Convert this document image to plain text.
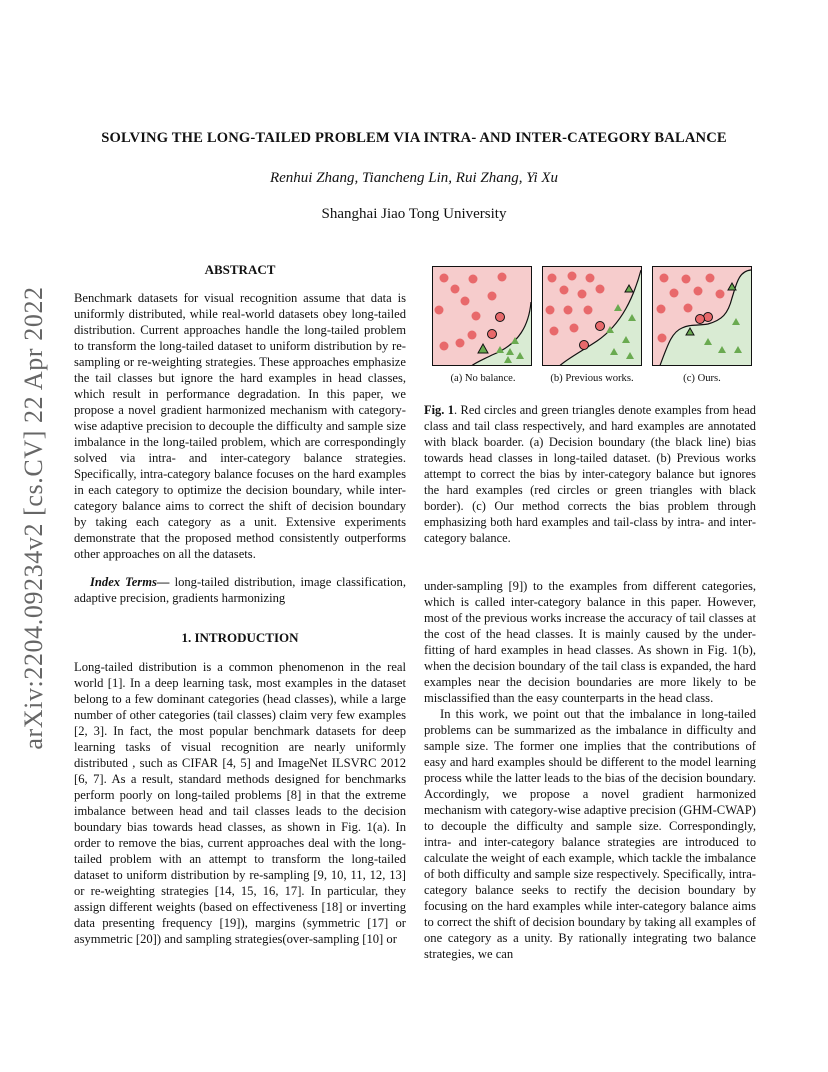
arXiv:2204.09234v2 [cs.CV] 22 Apr 2022
SOLVING THE LONG-TAILED PROBLEM VIA INTRA- AND INTER-CATEGORY BALANCE
Renhui Zhang, Tiancheng Lin, Rui Zhang, Yi Xu
Shanghai Jiao Tong University
ABSTRACT

Benchmark datasets for visual recognition assume that data is uniformly distributed, while real-world datasets obey long-tailed distribution. Current approaches handle the long-tailed problem to transform the long-tailed dataset to uniform distribution by re-sampling or re-weighting strategies. These approaches emphasize the tail classes but ignore the hard examples in head classes, which result in performance degradation. In this paper, we propose a novel gradient harmonized mechanism with category-wise adaptive precision to decouple the difficulty and sample size imbalance in the long-tailed problem, which are correspondingly solved via intra- and inter-category balance strategies. Specifically, intra-category balance focuses on the hard examples in each category to optimize the decision boundary, while inter-category balance aims to correct the shift of decision boundary by taking each category as a unit. Extensive experiments demonstrate that the proposed method consistently outperforms other approaches on all the datasets.

Index Terms— long-tailed distribution, image classification, adaptive precision, gradients harmonizing

1. INTRODUCTION

Long-tailed distribution is a common phenomenon in the real world [1]. In a deep learning task, most examples in the dataset belong to a few dominant categories (head classes), while a large number of other categories (tail classes) claim very few examples [2, 3]. In fact, the most popular benchmark datasets for deep learning tasks of visual recognition are nearly uniformly distributed , such as CIFAR [4, 5] and ImageNet ILSVRC 2012 [6, 7]. As a result, standard methods designed for benchmarks perform poorly on long-tailed problems [8] in that the extreme imbalance between head and tail classes leads to the decision boundary bias towards head classes, as shown in Fig. 1(a). In order to remove the bias, current approaches deal with the long-tailed problem with an attempt to transform the long-tailed dataset to uniform distribution by re-sampling [9, 10, 11, 12, 13] or re-weighting strategies [14, 15, 16, 17]. In particular, they assign different weights (based on effectiveness [18] or inverting data presenting frequency [19]), margins (symmetric [17] or asymmetric [20]) and sampling strategies(over-sampling [10] or

(a) No balance.	(b) Previous works.	(c) Ours.
Fig. 1. Red circles and green triangles denote examples from head class and tail class respectively, and hard examples are annotated with black boarder. (a) Decision boundary (the black line) bias towards head classes in long-tailed dataset. (b) Previous works attempt to correct the bias by inter-category balance but ignores the hard examples (red circles or green triangles with black border). (c) Our method corrects the bias problem through emphasizing both hard examples and tail-class by intra- and inter-category balance.

under-sampling [9]) to the examples from different categories, which is called inter-category balance in this paper. However, most of the previous works increase the accuracy of tail classes at the cost of the head classes. It is mainly caused by the under-fitting of hard examples in head classes. As shown in Fig. 1(b), when the decision boundary of the tail class is expanded, the hard examples near the decision boundaries are more likely to be misclassified than the easy counterparts in the head class.

In this work, we point out that the imbalance in long-tailed problems can be summarized as the imbalance in difficulty and sample size. The former one implies that the contributions of easy and hard examples should be different to the model learning process while the latter leads to the bias of the decision boundary. Accordingly, we propose a novel gradient harmonized mechanism with category-wise adaptive precision (GHM-CWAP) to decouple the difficulty and sample size. Correspondingly, intra- and inter-category balance strategies are introduced to calculate the weight of each example, which tackle the imbalance of both difficulty and sample size respectively. Specifically, intra-category balance seeks to rectify the decision boundary by focusing on the hard examples while inter-category balance aims to correct the shift of decision boundary by taking all examples of one category as a unity. By rationally integrating two balance strategies, we can
